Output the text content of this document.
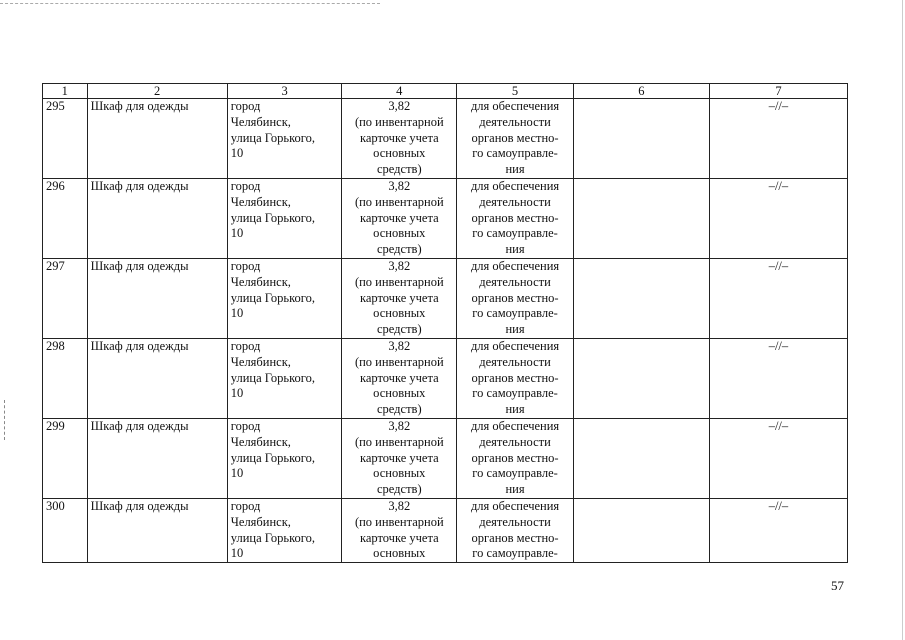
1	2	3	4	5	6	7
295	Шкаф для одежды	город
Челябинск,
улица Горького,
10	3,82
(по инвентарной
карточке учета
основных
средств)	для обеспечения
деятельности
органов местно-
го самоуправле-
ния		–//–
296	Шкаф для одежды	город
Челябинск,
улица Горького,
10	3,82
(по инвентарной
карточке учета
основных
средств)	для обеспечения
деятельности
органов местно-
го самоуправле-
ния		–//–
297	Шкаф для одежды	город
Челябинск,
улица Горького,
10	3,82
(по инвентарной
карточке учета
основных
средств)	для обеспечения
деятельности
органов местно-
го самоуправле-
ния		–//–
298	Шкаф для одежды	город
Челябинск,
улица Горького,
10	3,82
(по инвентарной
карточке учета
основных
средств)	для обеспечения
деятельности
органов местно-
го самоуправле-
ния		–//–
299	Шкаф для одежды	город
Челябинск,
улица Горького,
10	3,82
(по инвентарной
карточке учета
основных
средств)	для обеспечения
деятельности
органов местно-
го самоуправле-
ния		–//–
300	Шкаф для одежды	город
Челябинск,
улица Горького,
10	3,82
(по инвентарной
карточке учета
основных	для обеспечения
деятельности
органов местно-
го самоуправле-		–//–
57
